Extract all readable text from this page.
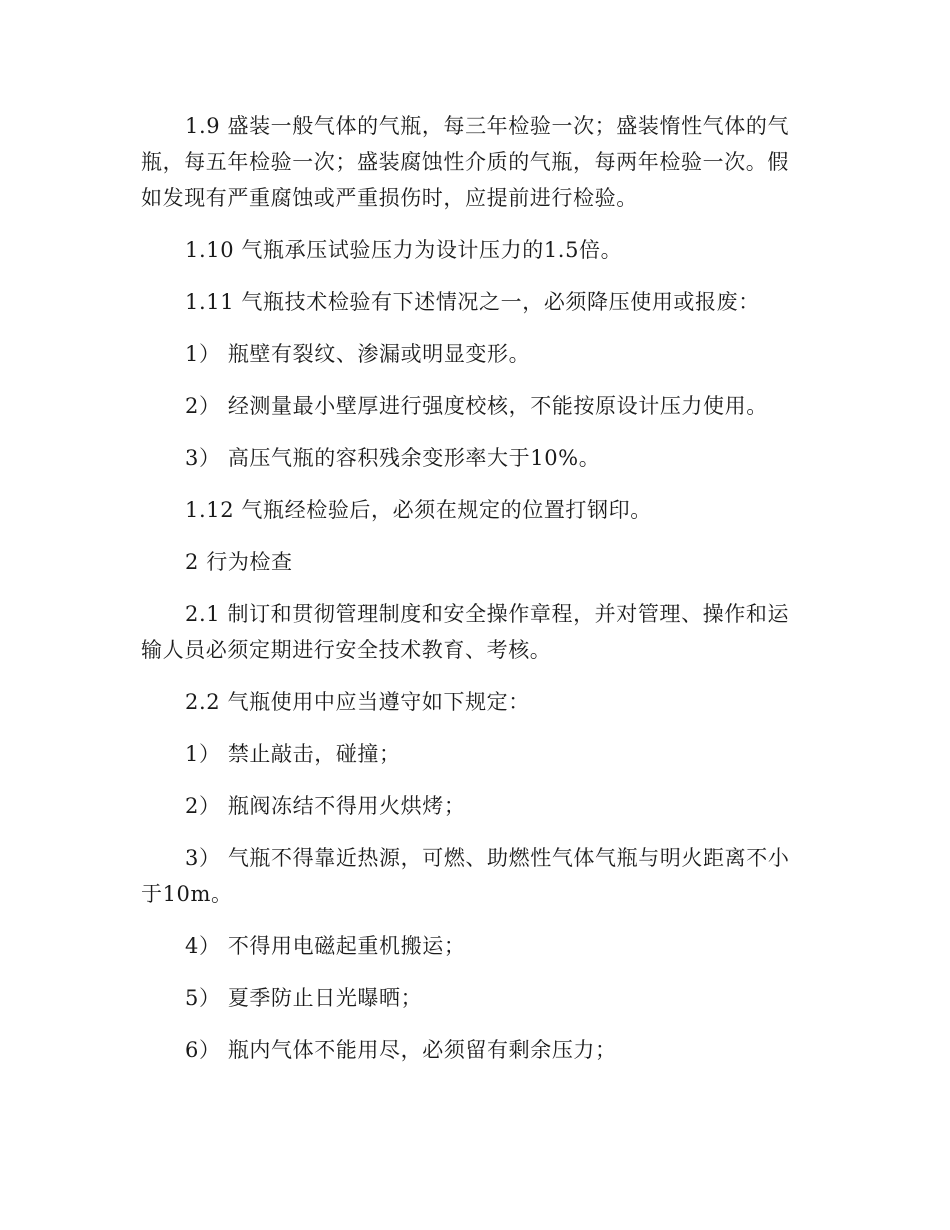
1.9 盛装一般气体的气瓶，每三年检验一次；盛装惰性气体的气
瓶，每五年检验一次；盛装腐蚀性介质的气瓶，每两年检验一次。假
如发现有严重腐蚀或严重损伤时，应提前进行检验。

1.10 气瓶承压试验压力为设计压力的1.5倍。

1.11 气瓶技术检验有下述情况之一，必须降压使用或报废：

1） 瓶壁有裂纹、渗漏或明显变形。

2） 经测量最小壁厚进行强度校核，不能按原设计压力使用。

3） 高压气瓶的容积残余变形率大于10%。

1.12 气瓶经检验后，必须在规定的位置打钢印。

2 行为检查

2.1 制订和贯彻管理制度和安全操作章程，并对管理、操作和运
输人员必须定期进行安全技术教育、考核。

2.2 气瓶使用中应当遵守如下规定：

1） 禁止敲击，碰撞；

2） 瓶阀冻结不得用火烘烤；

3） 气瓶不得靠近热源，可燃、助燃性气体气瓶与明火距离不小
于10m。

4） 不得用电磁起重机搬运；

5） 夏季防止日光曝晒；

6） 瓶内气体不能用尽，必须留有剩余压力；
